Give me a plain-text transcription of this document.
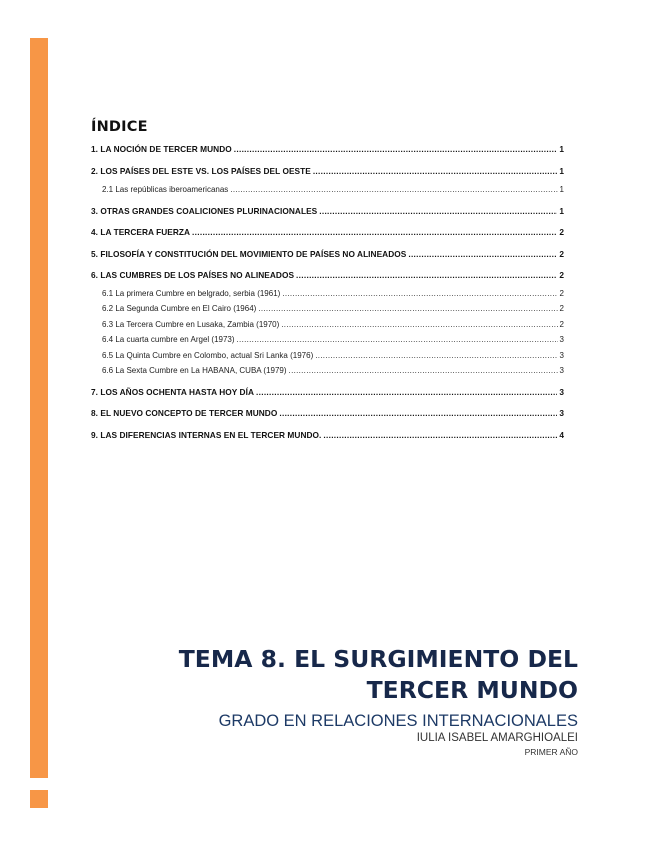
ÍNDICE
1. LA NOCIÓN DE TERCER MUNDO .....	1
2. LOS PAÍSES DEL ESTE VS. LOS PAÍSES DEL OESTE .....	1
2.1 Las repúblicas iberoamericanas .....	1
3. OTRAS GRANDES COALICIONES PLURINACIONALES .....	1
4. LA TERCERA FUERZA .....	2
5. FILOSOFÍA Y CONSTITUCIÓN DEL MOVIMIENTO DE PAÍSES NO ALINEADOS .....	2
6. LAS CUMBRES DE LOS PAÍSES NO ALINEADOS .....	2
6.1 La primera Cumbre en belgrado, serbia (1961) .....	2
6.2 La Segunda Cumbre en El Cairo (1964) .....	2
6.3 La Tercera Cumbre en Lusaka, Zambia (1970) .....	2
6.4 La cuarta cumbre en Argel (1973) .....	3
6.5 La Quinta Cumbre en Colombo, actual Sri Lanka (1976) .....	3
6.6 La Sexta Cumbre en La HABANA, CUBA (1979) .....	3
7. LOS AÑOS OCHENTA HASTA HOY DÍA .....	3
8. EL NUEVO CONCEPTO DE TERCER MUNDO .....	3
9. LAS DIFERENCIAS INTERNAS EN EL TERCER MUNDO. .....	4
TEMA 8. EL SURGIMIENTO DEL
TERCER MUNDO
GRADO EN RELACIONES INTERNACIONALES
IULIA ISABEL AMARGHIOALEI
PRIMER AÑO
